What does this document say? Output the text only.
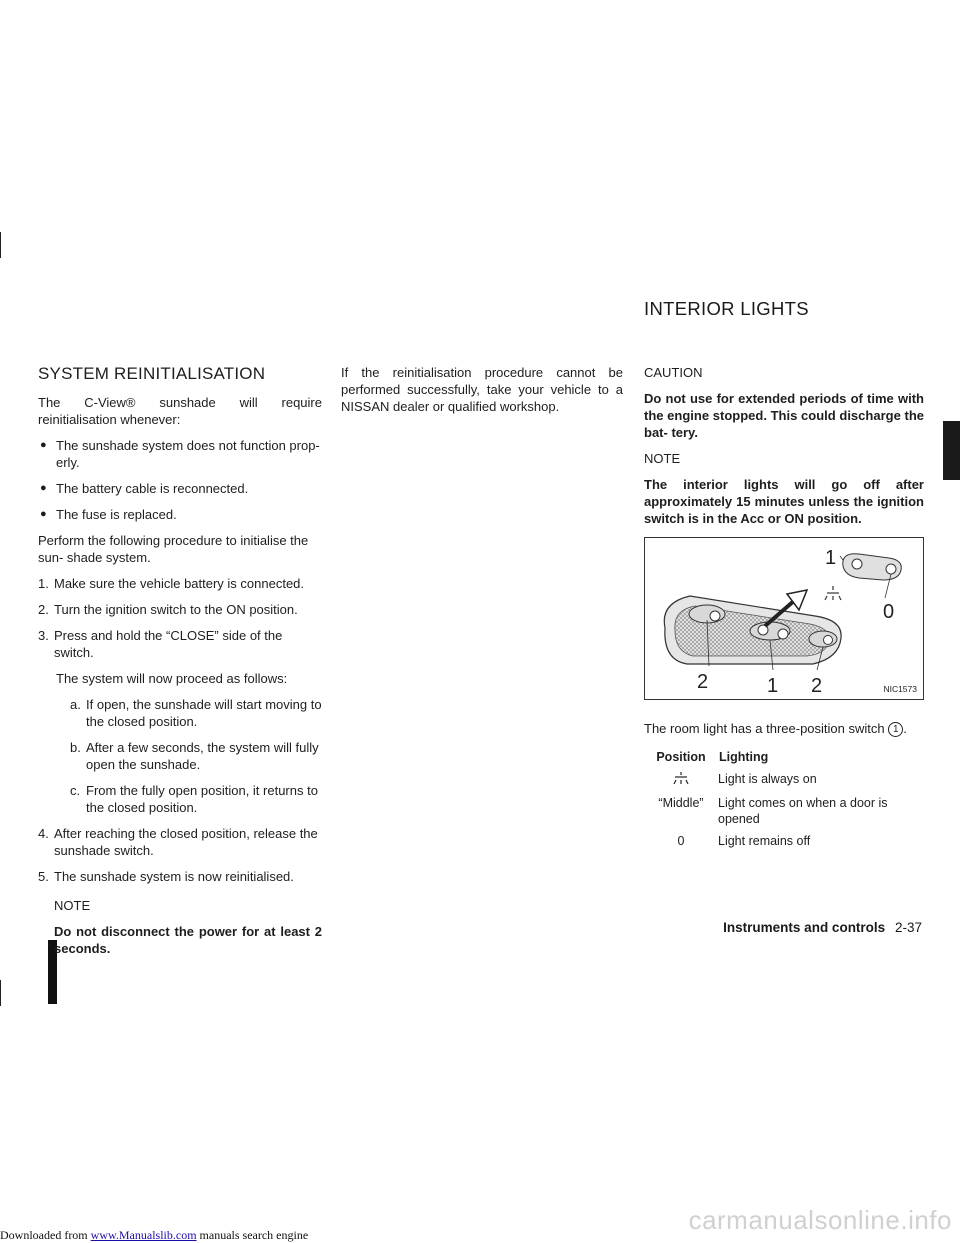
INTERIOR LIGHTS
SYSTEM REINITIALISATION

The C-View® sunshade will require reinitialisation whenever:

● The sunshade system does not function prop- erly.
● The battery cable is reconnected.
● The fuse is replaced.

Perform the following procedure to initialise the sun- shade system.

1. Make sure the vehicle battery is connected.
2. Turn the ignition switch to the ON position.
3. Press and hold the “CLOSE” side of the switch.

The system will now proceed as follows:

a. If open, the sunshade will start moving to the closed position.
b. After a few seconds, the system will fully open the sunshade.
c. From the fully open position, it returns to the closed position.
4. After reaching the closed position, release the sunshade switch.
5. The sunshade system is now reinitialised.

NOTE

Do not disconnect the power for at least 2 seconds.

If the reinitialisation procedure cannot be performed successfully, take your vehicle to a NISSAN dealer or qualified workshop.

CAUTION

Do not use for extended periods of time with the engine stopped. This could discharge the bat- tery.

NOTE

The interior lights will go off after approximately 15 minutes unless the ignition switch is in the Acc or ON position.

1
0
2	1 2	NIC1573

The room light has a three-position switch 1 .

Position	Lighting
	Light is always on
“Middle”	Light comes on when a door is opened
0	Light remains off
Instruments and controls 2-37
carmanualsonline.info
Downloaded from www.Manualslib.com manuals search engine
